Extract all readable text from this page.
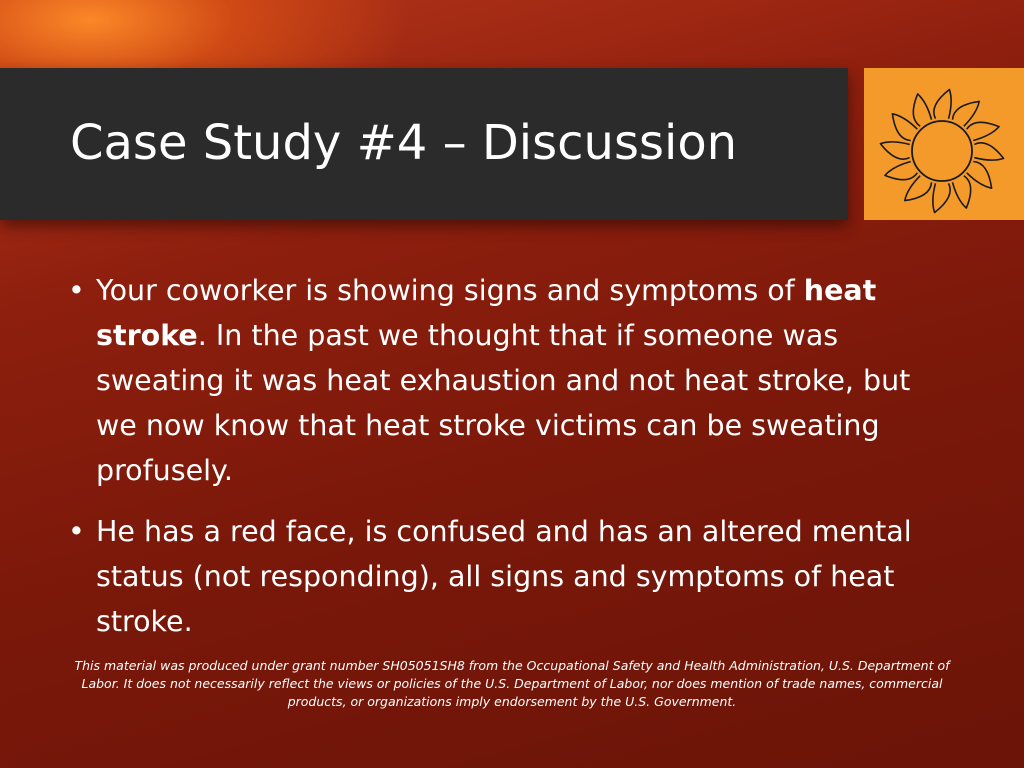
Case Study #4 – Discussion
• Your coworker is showing signs and symptoms of heat stroke. In the past we thought that if someone was sweating it was heat exhaustion and not heat stroke, but we now know that heat stroke victims can be sweating profusely.
• He has a red face, is confused and has an altered mental status (not responding), all signs and symptoms of heat stroke.
This material was produced under grant number SH05051SH8 from the Occupational Safety and Health Administration, U.S. Department of Labor. It does not necessarily reflect the views or policies of the U.S. Department of Labor, nor does mention of trade names, commercial products, or organizations imply endorsement by the U.S. Government.
